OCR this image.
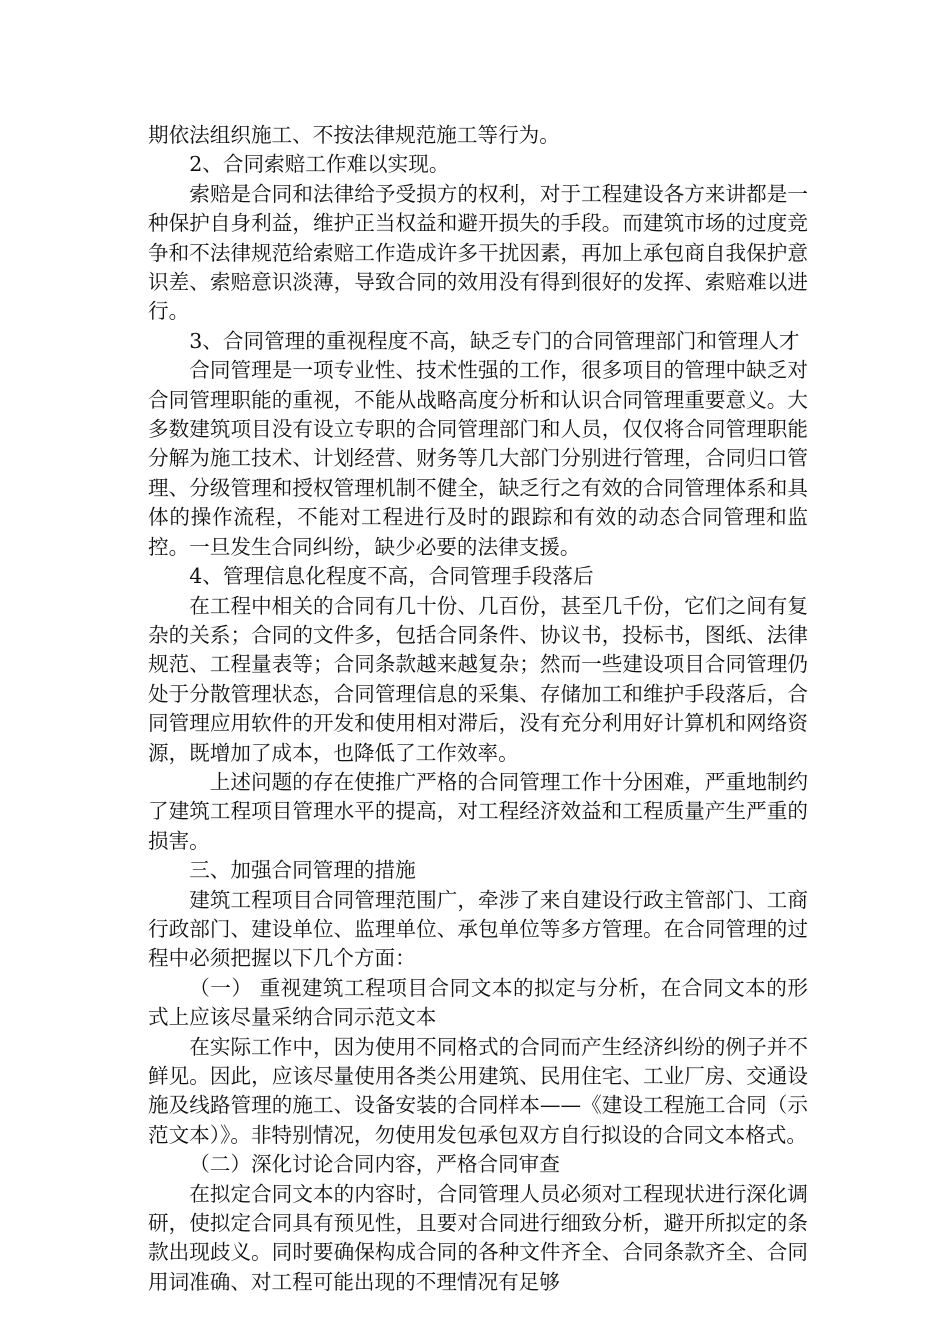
期依法组织施工、不按法律规范施工等行为。

2、合同索赔工作难以实现。

索赔是合同和法律给予受损方的权利，对于工程建设各方来讲都是一种保护自身利益，维护正当权益和避开损失的手段。而建筑市场的过度竞争和不法律规范给索赔工作造成许多干扰因素，再加上承包商自我保护意识差、索赔意识淡薄，导致合同的效用没有得到很好的发挥、索赔难以进行。

3、合同管理的重视程度不高，缺乏专门的合同管理部门和管理人才

合同管理是一项专业性、技术性强的工作，很多项目的管理中缺乏对合同管理职能的重视，不能从战略高度分析和认识合同管理重要意义。大多数建筑项目没有设立专职的合同管理部门和人员，仅仅将合同管理职能分解为施工技术、计划经营、财务等几大部门分别进行管理，合同归口管理、分级管理和授权管理机制不健全，缺乏行之有效的合同管理体系和具体的操作流程，不能对工程进行及时的跟踪和有效的动态合同管理和监控。一旦发生合同纠纷，缺少必要的法律支援。

4、管理信息化程度不高，合同管理手段落后

在工程中相关的合同有几十份、几百份，甚至几千份，它们之间有复杂的关系；合同的文件多，包括合同条件、协议书，投标书，图纸、法律规范、工程量表等；合同条款越来越复杂；然而一些建设项目合同管理仍处于分散管理状态，合同管理信息的采集、存储加工和维护手段落后，合同管理应用软件的开发和使用相对滞后，没有充分利用好计算机和网络资源，既增加了成本，也降低了工作效率。

上述问题的存在使推广严格的合同管理工作十分困难，严重地制约了建筑工程项目管理水平的提高，对工程经济效益和工程质量产生严重的损害。

三、加强合同管理的措施

建筑工程项目合同管理范围广，牵涉了来自建设行政主管部门、工商行政部门、建设单位、监理单位、承包单位等多方管理。在合同管理的过程中必须把握以下几个方面：

（一） 重视建筑工程项目合同文本的拟定与分析，在合同文本的形式上应该尽量采纳合同示范文本

在实际工作中，因为使用不同格式的合同而产生经济纠纷的例子并不鲜见。因此，应该尽量使用各类公用建筑、民用住宅、工业厂房、交通设施及线路管理的施工、设备安装的合同样本——《建设工程施工合同（示范文本）》。非特别情况，勿使用发包承包双方自行拟设的合同文本格式。

（二）深化讨论合同内容，严格合同审查

在拟定合同文本的内容时，合同管理人员必须对工程现状进行深化调研，使拟定合同具有预见性，且要对合同进行细致分析，避开所拟定的条款出现歧义。同时要确保构成合同的各种文件齐全、合同条款齐全、合同用词准确、对工程可能出现的不理情况有足够
